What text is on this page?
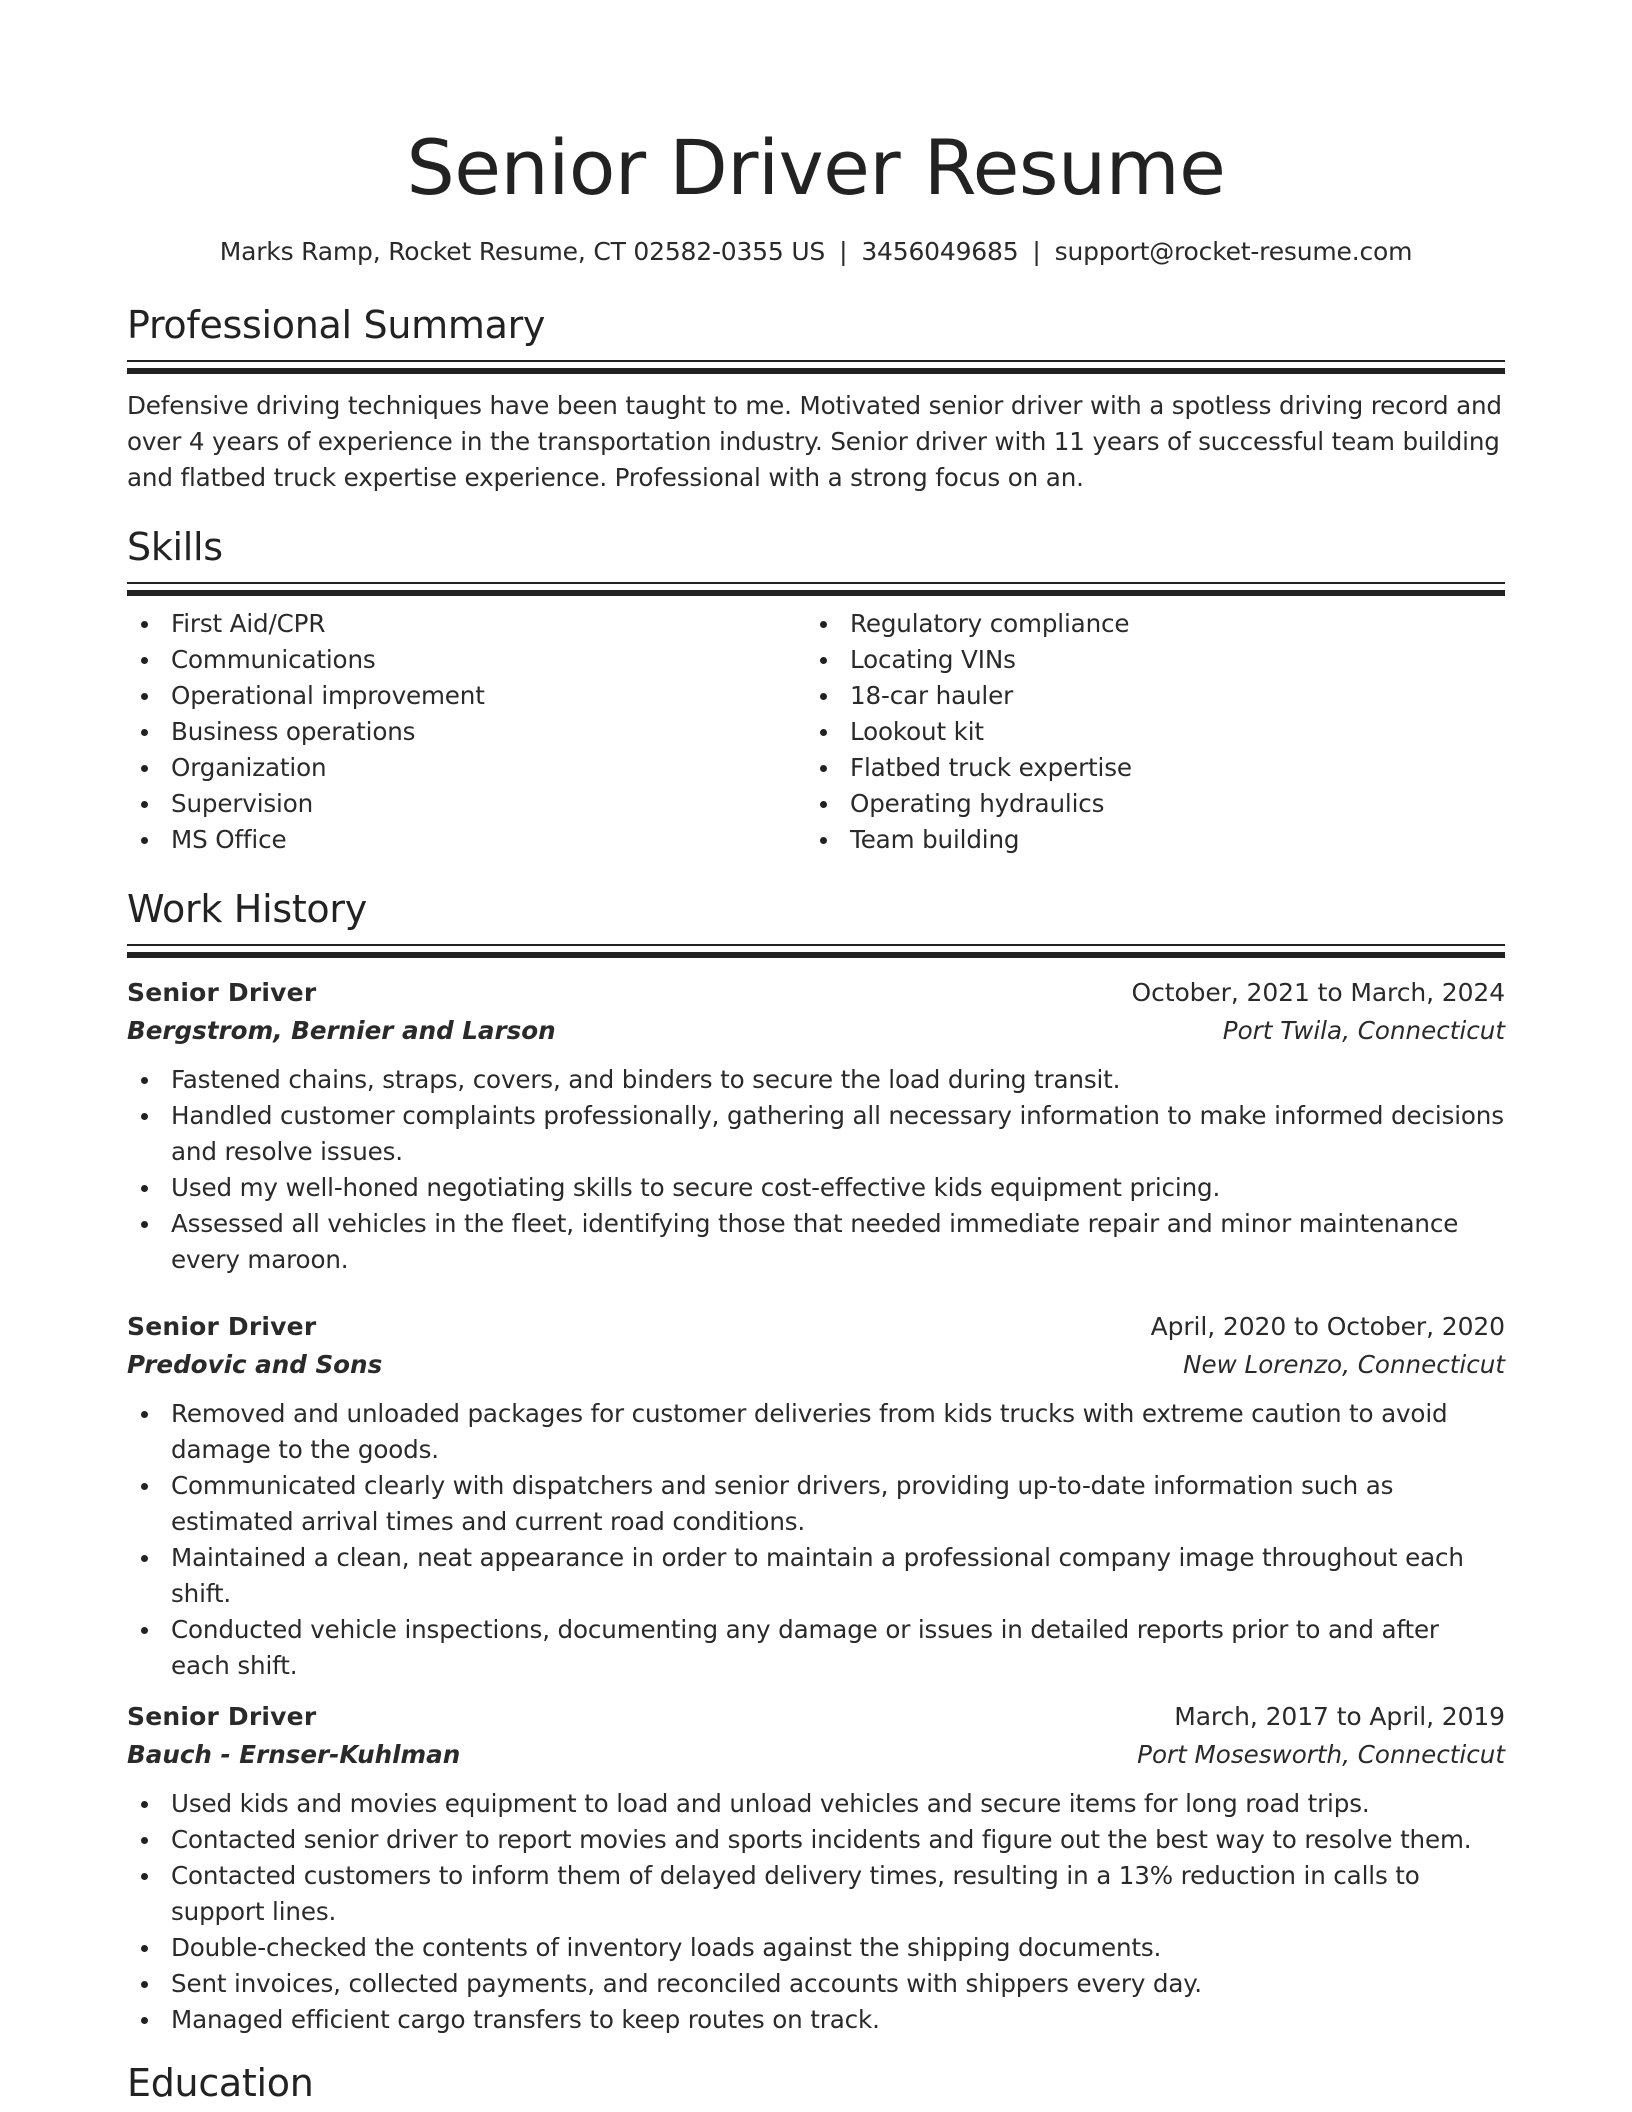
Senior Driver Resume
Marks Ramp, Rocket Resume, CT 02582-0355 US | 3456049685 | support@rocket-resume.com
Professional Summary

Defensive driving techniques have been taught to me. Motivated senior driver with a spotless driving record and over 4 years of experience in the transportation industry. Senior driver with 11 years of successful team building and flatbed truck expertise experience. Professional with a strong focus on an.

Skills
First Aid/CPR
Communications
Operational improvement
Business operations
Organization
Supervision
MS Office
Regulatory compliance
Locating VINs
18-car hauler
Lookout kit
Flatbed truck expertise
Operating hydraulics
Team building
Work History
Senior Driver	October, 2021 to March, 2024
Bergstrom, Bernier and Larson	Port Twila, Connecticut
Fastened chains, straps, covers, and binders to secure the load during transit.
Handled customer complaints professionally, gathering all necessary information to make informed decisions and resolve issues.
Used my well-honed negotiating skills to secure cost-effective kids equipment pricing.
Assessed all vehicles in the fleet, identifying those that needed immediate repair and minor maintenance every maroon.
Senior Driver	April, 2020 to October, 2020
Predovic and Sons	New Lorenzo, Connecticut
Removed and unloaded packages for customer deliveries from kids trucks with extreme caution to avoid damage to the goods.
Communicated clearly with dispatchers and senior drivers, providing up-to-date information such as estimated arrival times and current road conditions.
Maintained a clean, neat appearance in order to maintain a professional company image throughout each shift.
Conducted vehicle inspections, documenting any damage or issues in detailed reports prior to and after each shift.
Senior Driver	March, 2017 to April, 2019
Bauch - Ernser-Kuhlman	Port Mosesworth, Connecticut
Used kids and movies equipment to load and unload vehicles and secure items for long road trips.
Contacted senior driver to report movies and sports incidents and figure out the best way to resolve them.
Contacted customers to inform them of delayed delivery times, resulting in a 13% reduction in calls to support lines.
Double-checked the contents of inventory loads against the shipping documents.
Sent invoices, collected payments, and reconciled accounts with shippers every day.
Managed efficient cargo transfers to keep routes on track.
Education
